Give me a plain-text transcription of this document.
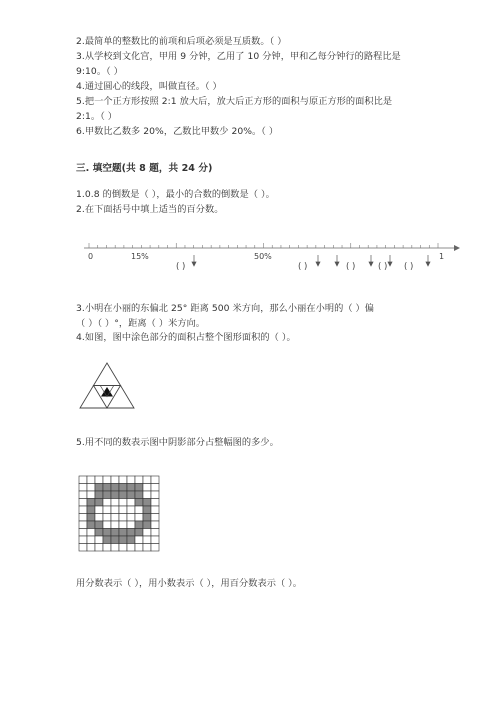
2.最简单的整数比的前项和后项必须是互质数。（ ）
3.从学校到文化宫，甲用 9 分钟，乙用了 10 分钟，甲和乙每分钟行的路程比是
9:10。（ ）
4.通过圆心的线段，叫做直径。（ ）
5.把一个正方形按照 2:1 放大后，放大后正方形的面积与原正方形的面积比是
2:1。（ ）
6.甲数比乙数多 20%，乙数比甲数少 20%。（ ）
三. 填空题(共 8 题，共 24 分)
1.0.8 的倒数是（ ），最小的合数的倒数是（ ）。
2.在下面括号中填上适当的百分数。
0	15%	50%	1
( )	( )	( )	( ) ( )
3.小明在小丽的东偏北 25° 距离 500 米方向，那么小丽在小明的（ ）偏
（ ）（ ）°，距离（ ）米方向。
4.如图，图中涂色部分的面积占整个图形面积的（ ）。
5.用不同的数表示图中阴影部分占整幅图的多少。
用分数表示（ ），用小数表示（ ），用百分数表示（ ）。
